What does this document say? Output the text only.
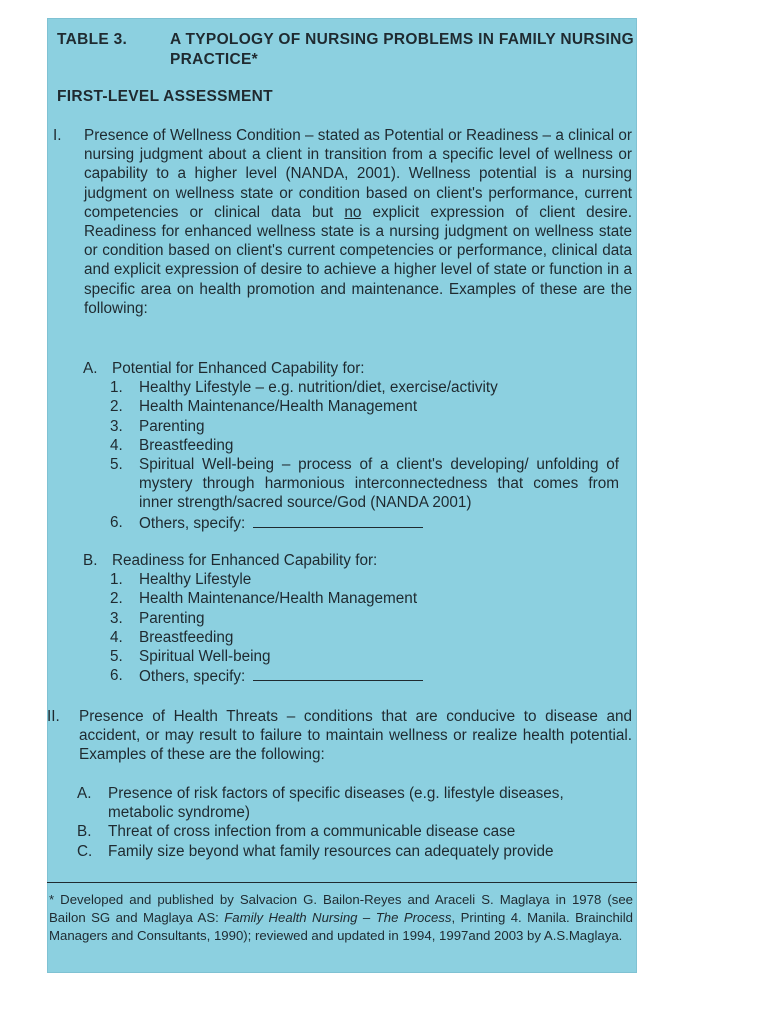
TABLE 3.	A TYPOLOGY OF NURSING PROBLEMS IN FAMILY NURSING PRACTICE*
FIRST-LEVEL ASSESSMENT
I. Presence of Wellness Condition – stated as Potential or Readiness – a clinical or nursing judgment about a client in transition from a specific level of wellness or capability to a higher level (NANDA, 2001). Wellness potential is a nursing judgment on wellness state or condition based on client's performance, current competencies or clinical data but no explicit expression of client desire. Readiness for enhanced wellness state is a nursing judgment on wellness state or condition based on client's current competencies or performance, clinical data and explicit expression of desire to achieve a higher level of state or function in a specific area on health promotion and maintenance. Examples of these are the following:
A. Potential for Enhanced Capability for:
1. Healthy Lifestyle – e.g. nutrition/diet, exercise/activity
2. Health Maintenance/Health Management
3. Parenting
4. Breastfeeding
5. Spiritual Well-being – process of a client's developing/ unfolding of mystery through harmonious interconnectedness that comes from inner strength/sacred source/God (NANDA 2001)
6. Others, specify:
B. Readiness for Enhanced Capability for:
1. Healthy Lifestyle
2. Health Maintenance/Health Management
3. Parenting
4. Breastfeeding
5. Spiritual Well-being
6. Others, specify:
II. Presence of Health Threats – conditions that are conducive to disease and accident, or may result to failure to maintain wellness or realize health potential. Examples of these are the following:
A. Presence of risk factors of specific diseases (e.g. lifestyle diseases, metabolic syndrome)
B. Threat of cross infection from a communicable disease case
C. Family size beyond what family resources can adequately provide
* Developed and published by Salvacion G. Bailon-Reyes and Araceli S. Maglaya in 1978 (see Bailon SG and Maglaya AS: Family Health Nursing – The Process, Printing 4. Manila. Brainchild Managers and Consultants, 1990); reviewed and updated in 1994, 1997and 2003 by A.S.Maglaya.
